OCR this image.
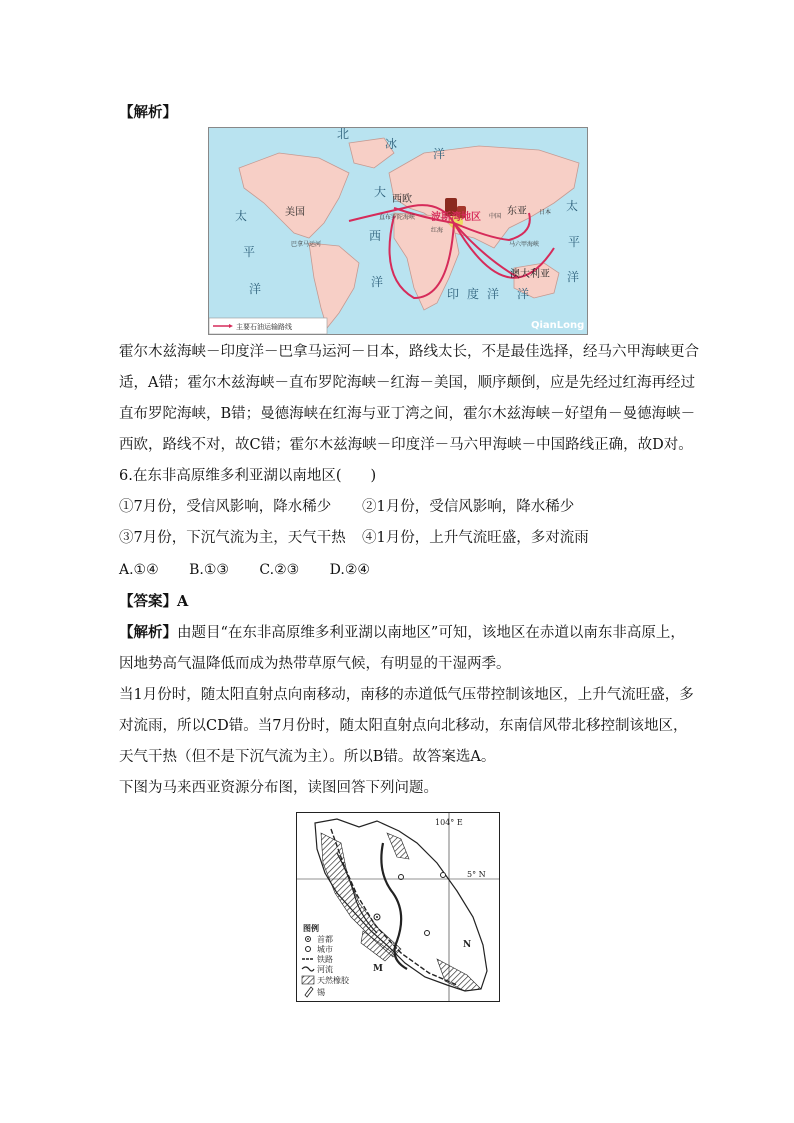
【解析】
北
冰
洋
大
西
洋
太
平
洋
太
平
洋
印 度 洋 洋
美国
西欧
东亚
澳大利亚
波斯湾地区
直布罗陀海峡
红海
巴拿马运河
中国
日本
马六甲海峡
主要石油运输路线	QianLong
霍尔木兹海峡－印度洋－巴拿马运河－日本，路线太长，不是最佳选择，经马六甲海峡更合
适，A错；霍尔木兹海峡－直布罗陀海峡－红海－美国，顺序颠倒，应是先经过红海再经过
直布罗陀海峡，B错；曼德海峡在红海与亚丁湾之间，霍尔木兹海峡－好望角－曼德海峡－
西欧，路线不对，故C错；霍尔木兹海峡－印度洋－马六甲海峡－中国路线正确，故D对。
6.在东非高原维多利亚湖以南地区(　　)
①7月份，受信风影响，降水稀少 ②1月份，受信风影响，降水稀少
③7月份，下沉气流为主，天气干热 ④1月份，上升气流旺盛，多对流雨
A.①④ B.①③ C.②③ D.②④
【答案】A
【解析】由题目“在东非高原维多利亚湖以南地区”可知，该地区在赤道以南东非高原上，
因地势高气温降低而成为热带草原气候，有明显的干湿两季。
当1月份时，随太阳直射点向南移动，南移的赤道低气压带控制该地区，上升气流旺盛，多
对流雨，所以CD错。当7月份时，随太阳直射点向北移动，东南信风带北移控制该地区，
天气干热（但不是下沉气流为主）。所以B错。故答案选A。
下图为马来西亚资源分布图，读图回答下列问题。
104° E
5° N
M
N
图例
首都
城市
铁路
河流
天然橡胶
锡
